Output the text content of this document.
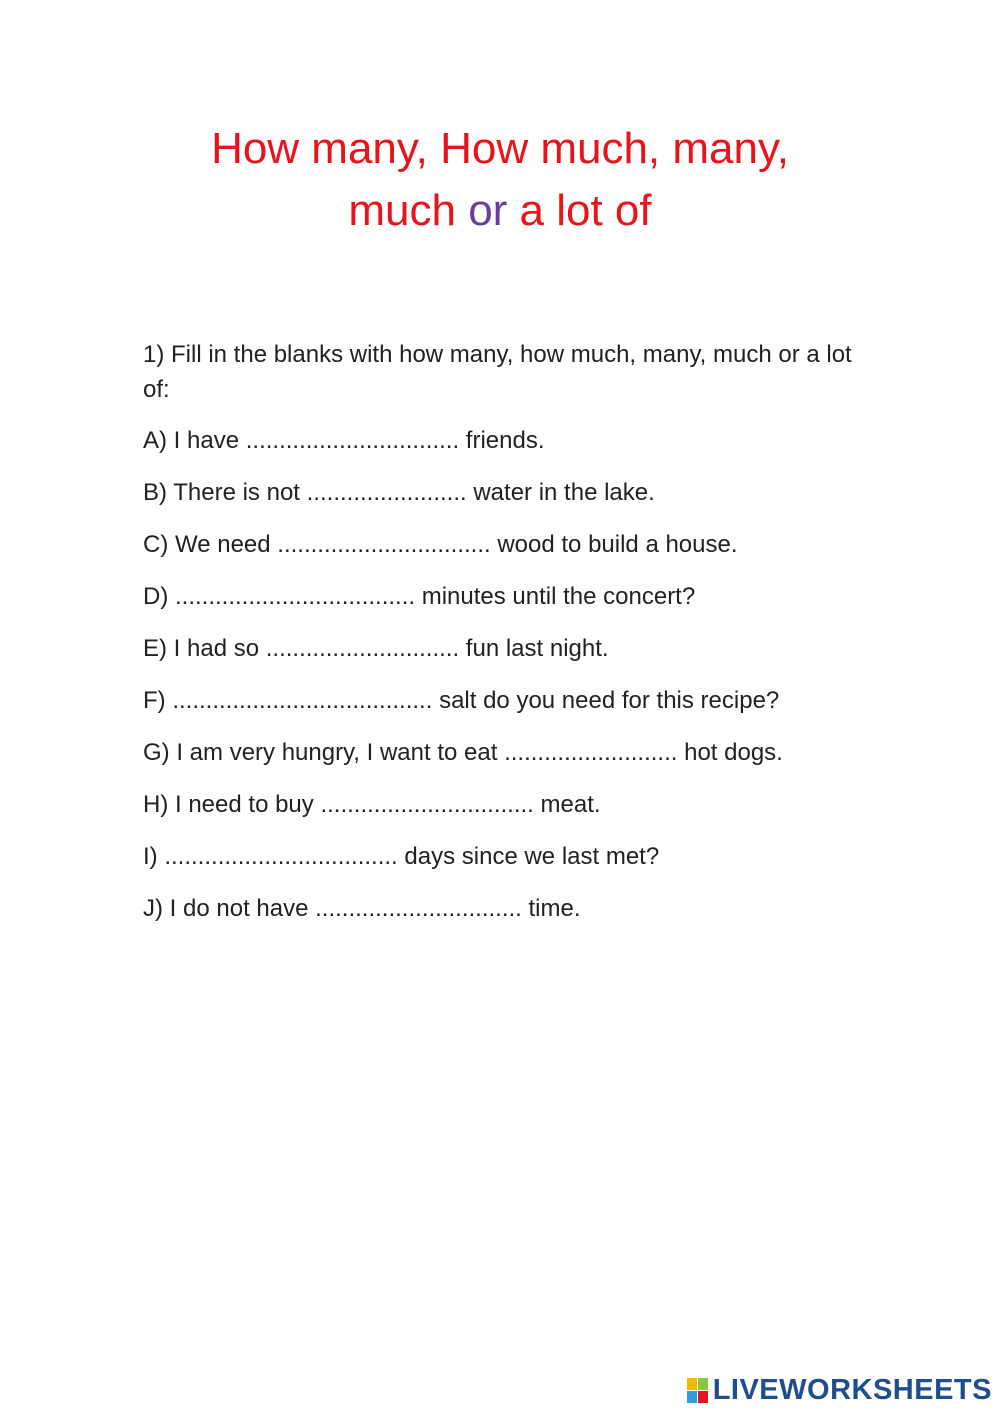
How many, How much, many,
much or a lot of

1) Fill in the blanks with how many, how much, many, much or a lot of:

A) I have ................................ friends.
B) There is not ........................ water in the lake.
C) We need ................................ wood to build a house.
D) .................................... minutes until the concert?
E) I had so ............................. fun last night.
F) ....................................... salt do you need for this recipe?
G) I am very hungry, I want to eat .......................... hot dogs.
H) I need to buy ................................ meat.
I) ................................... days since we last met?
J) I do not have ............................... time.
LIVEWORKSHEETS
